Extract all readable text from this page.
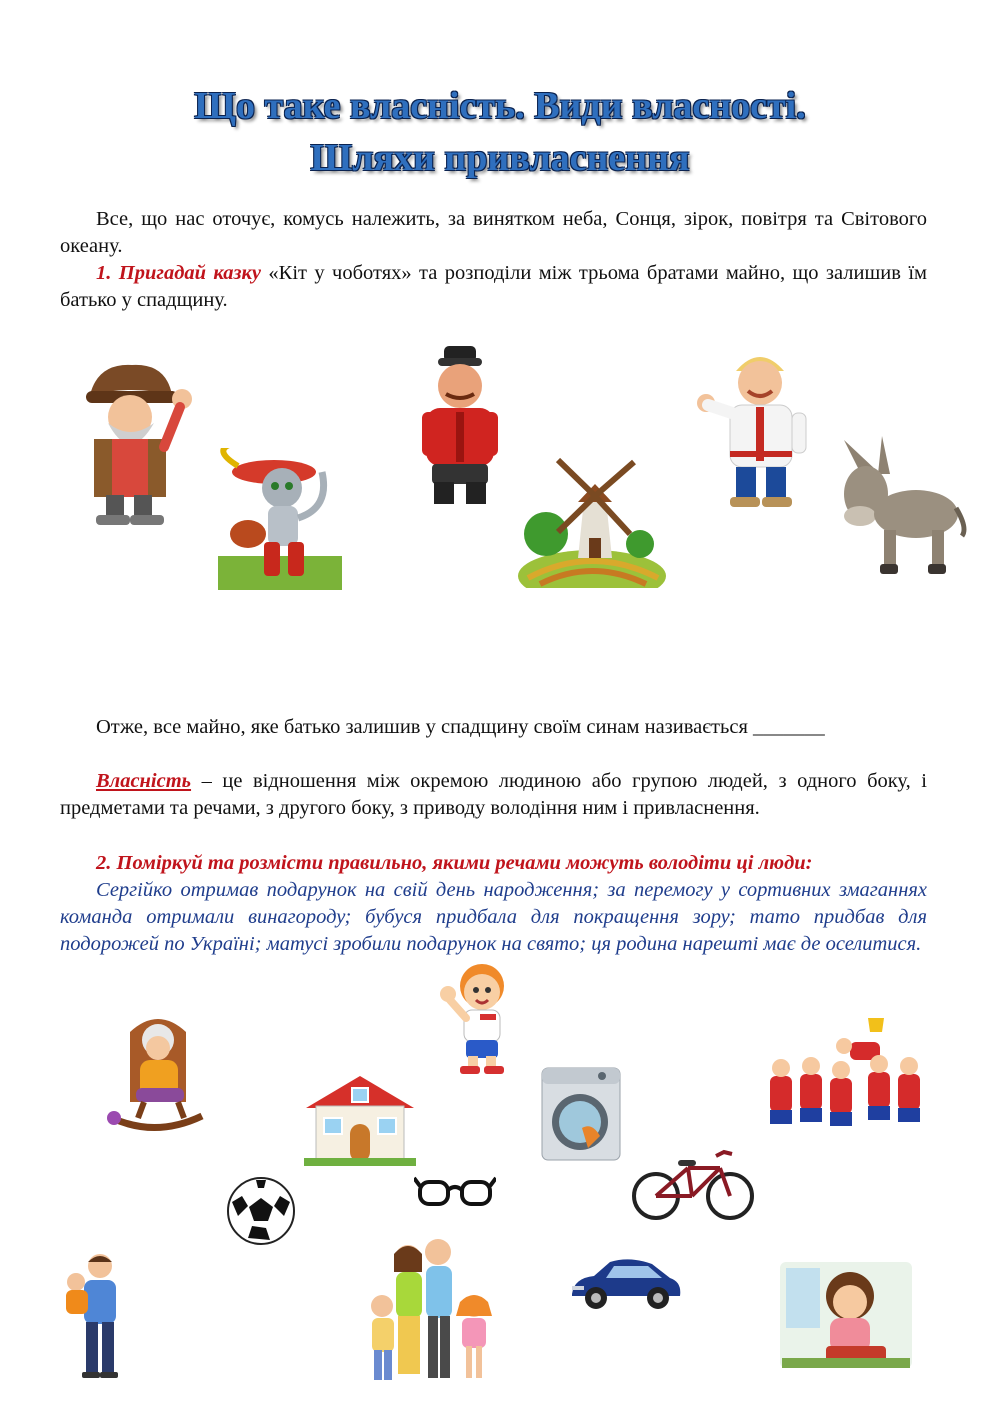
Що таке власність. Види власності.
Шляхи привласнення

Все, що нас оточує, комусь належить, за винятком неба, Сонця, зірок, повітря та Світового океану.

1. Пригадай казку «Кіт у чоботях» та розподіли між трьома братами майно, що залишив їм батько у спадщину.

Отже, все майно, яке батько залишив у спадщину своїм синам називається _______

Власність – це відношення між окремою людиною або групою людей, з одного боку, і предметами та речами, з другого боку, з приводу володіння ним і привласнення.

2. Поміркуй та розмісти правильно, якими речами можуть володіти ці люди:

Сергійко отримав подарунок на свій день народження; за перемогу у сортивних змаганнях команда отримали винагороду; бубуся придбала для покращення зору; тато придбав для подорожей по Україні; матусі зробили подарунок на свято; ця родина нарешті має де оселитися.
